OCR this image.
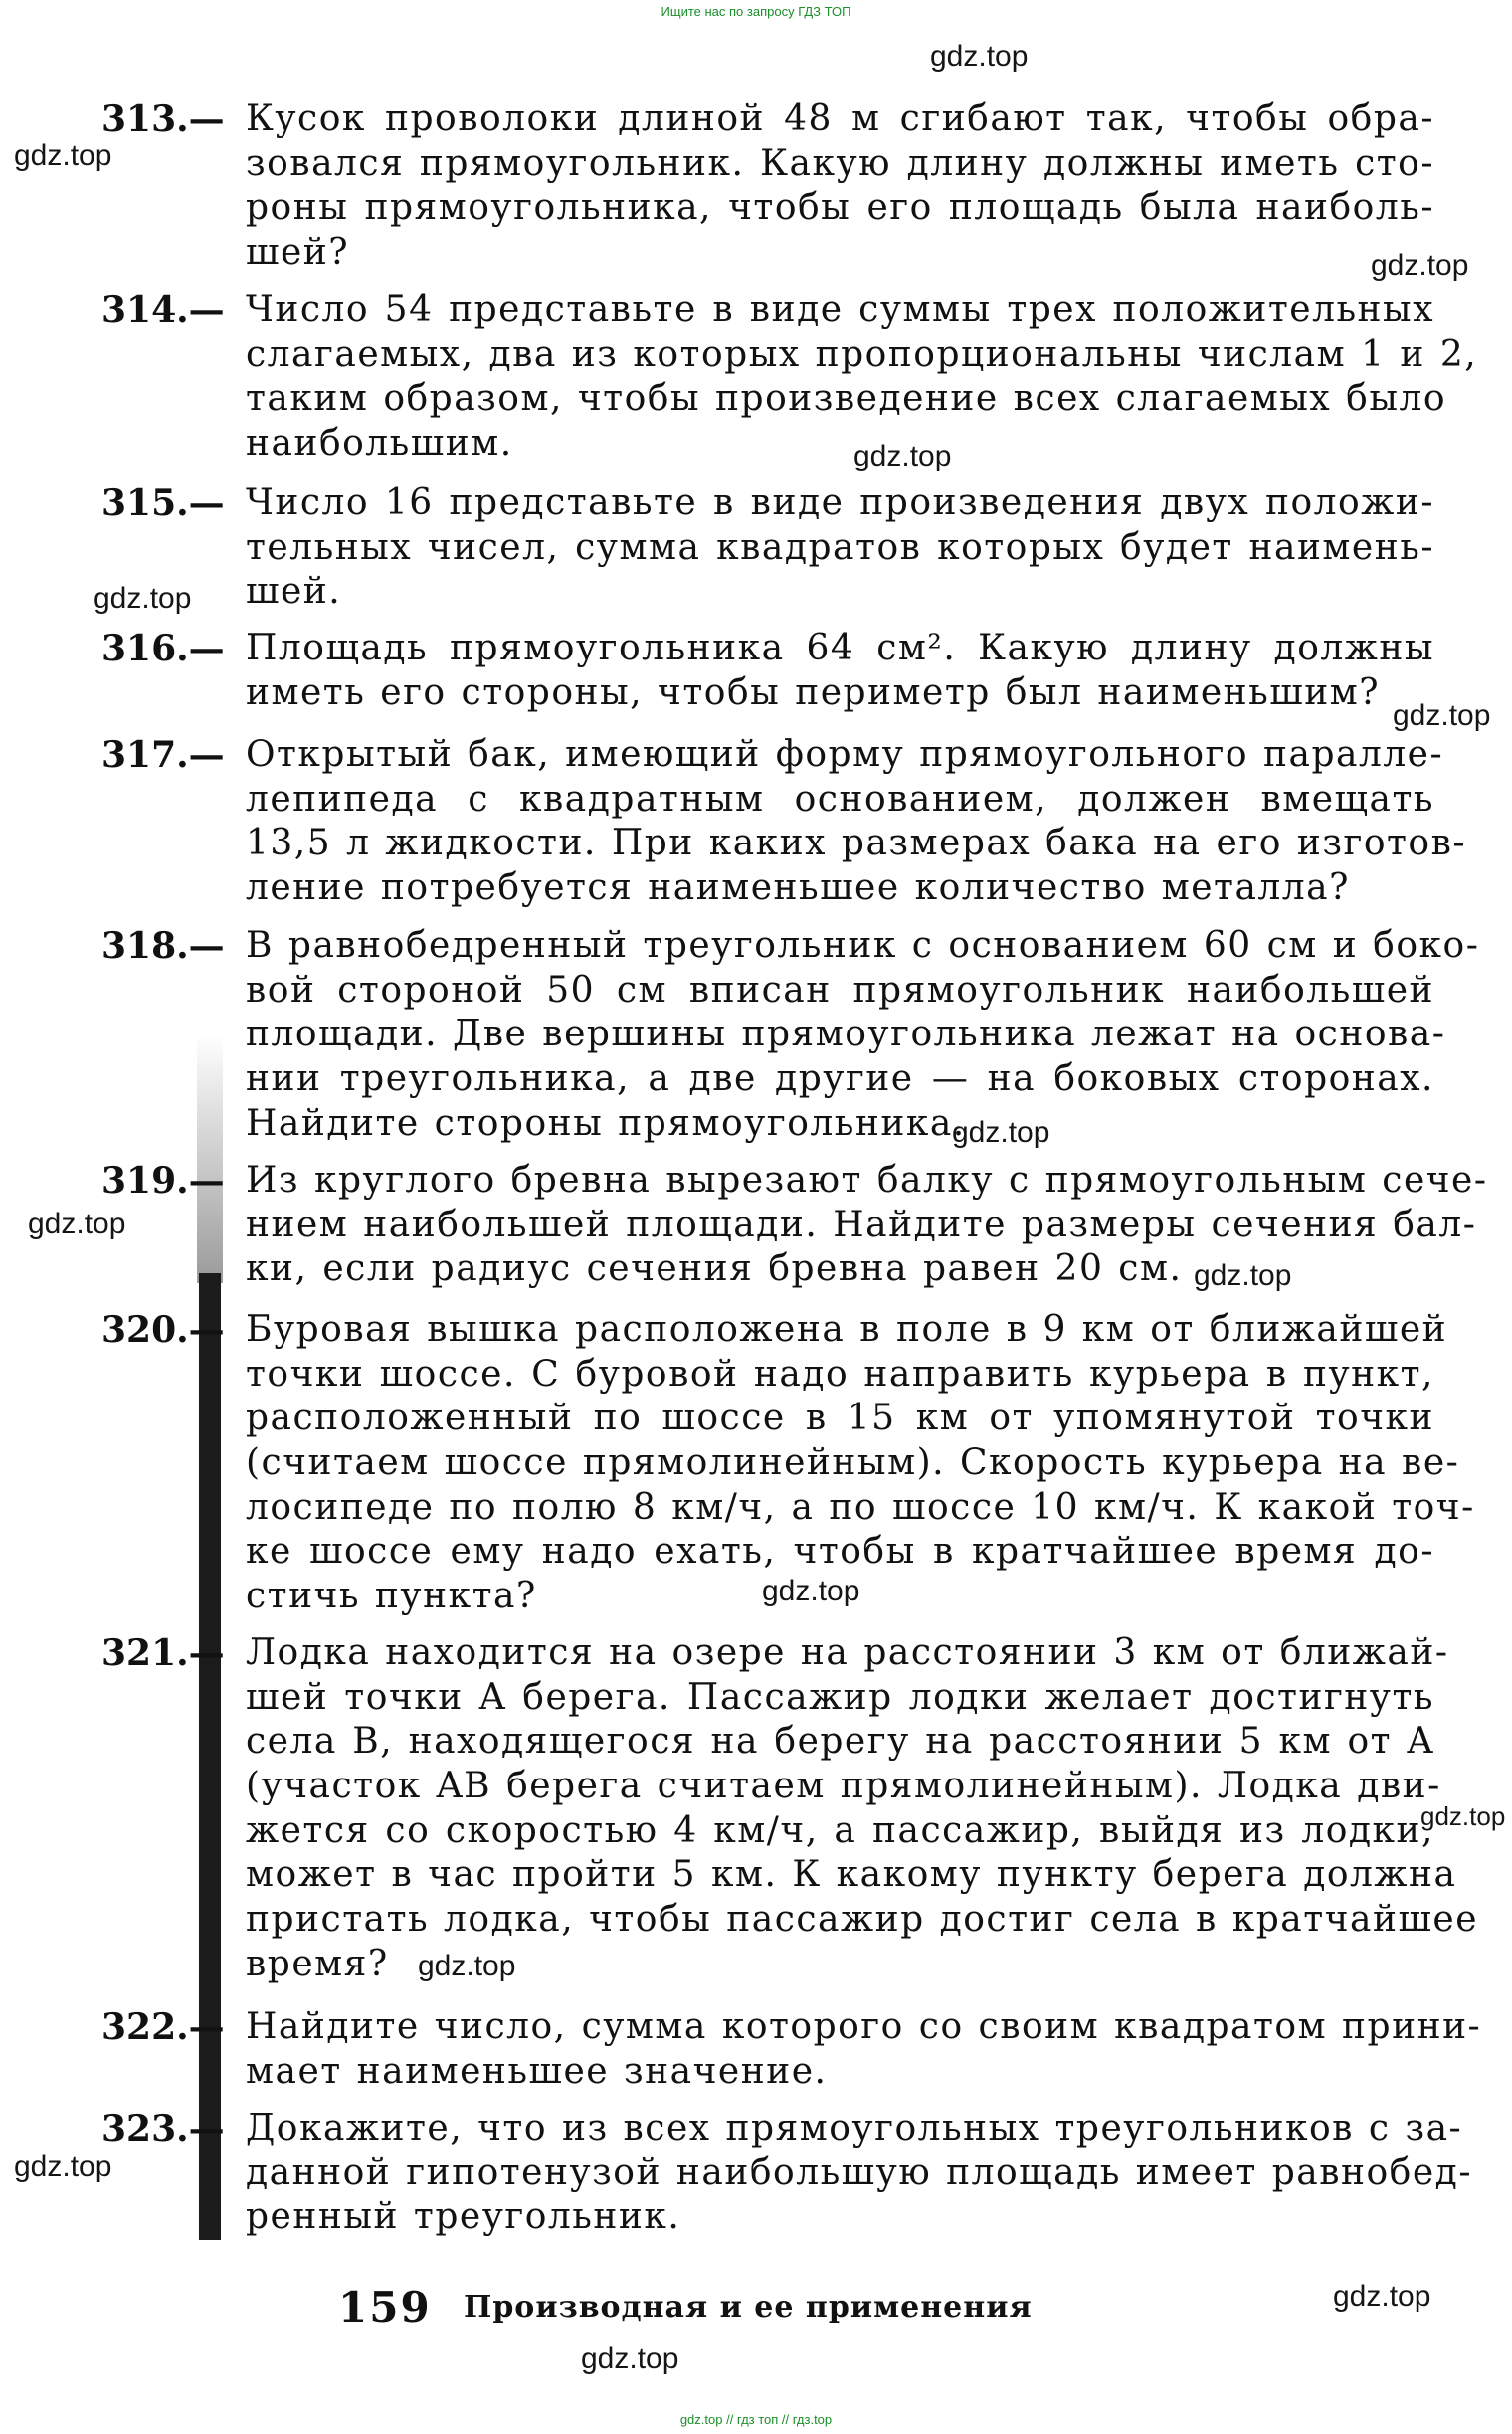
Ищите нас по запросу ГДЗ ТОП
313.— Кусок проволоки длиной 48 м сгибают так, чтобы обра-
зовался прямоугольник. Какую длину должны иметь сто-
роны прямоугольника, чтобы его площадь была наиболь-
шей?
314.— Число 54 представьте в виде суммы трех положительных
слагаемых, два из которых пропорциональны числам 1 и 2,
таким образом, чтобы произведение всех слагаемых было
наибольшим.
315.— Число 16 представьте в виде произведения двух положи-
тельных чисел, сумма квадратов которых будет наимень-
шей.
316.— Площадь прямоугольника 64 см². Какую длину должны
иметь его стороны, чтобы периметр был наименьшим?
317.— Открытый бак, имеющий форму прямоугольного паралле-
лепипеда с квадратным основанием, должен вмещать
13,5 л жидкости. При каких размерах бака на его изготов-
ление потребуется наименьшее количество металла?
318.— В равнобедренный треугольник с основанием 60 см и боко-
вой стороной 50 см вписан прямоугольник наибольшей
площади. Две вершины прямоугольника лежат на основа-
нии треугольника, а две другие — на боковых сторонах.
Найдите стороны прямоугольника.
319.— Из круглого бревна вырезают балку с прямоугольным сече-
нием наибольшей площади. Найдите размеры сечения бал-
ки, если радиус сечения бревна равен 20 см.
320.— Буровая вышка расположена в поле в 9 км от ближайшей
точки шоссе. С буровой надо направить курьера в пункт,
расположенный по шоссе в 15 км от упомянутой точки
(считаем шоссе прямолинейным). Скорость курьера на ве-
лосипеде по полю 8 км/ч, а по шоссе 10 км/ч. К какой точ-
ке шоссе ему надо ехать, чтобы в кратчайшее время до-
стичь пункта?
321.— Лодка находится на озере на расстоянии 3 км от ближай-
шей точки A берега. Пассажир лодки желает достигнуть
села B, находящегося на берегу на расстоянии 5 км от A
(участок AB берега считаем прямолинейным). Лодка дви-
жется со скоростью 4 км/ч, а пассажир, выйдя из лодки,
может в час пройти 5 км. К какому пункту берега должна
пристать лодка, чтобы пассажир достиг села в кратчайшее
время?
322.— Найдите число, сумма которого со своим квадратом прини-
мает наименьшее значение.
323.— Докажите, что из всех прямоугольных треугольников с за-
данной гипотенузой наибольшую площадь имеет равнобед-
ренный треугольник.
gdz.top
gdz.top
gdz.top
gdz.top
gdz.top
gdz.top
gdz.top
gdz.top
gdz.top
gdz.top
gdz.top
gdz.top
gdz.top
gdz.top
gdz.top
159 Производная и ее применения
gdz.top // гдз топ // гдз.top
